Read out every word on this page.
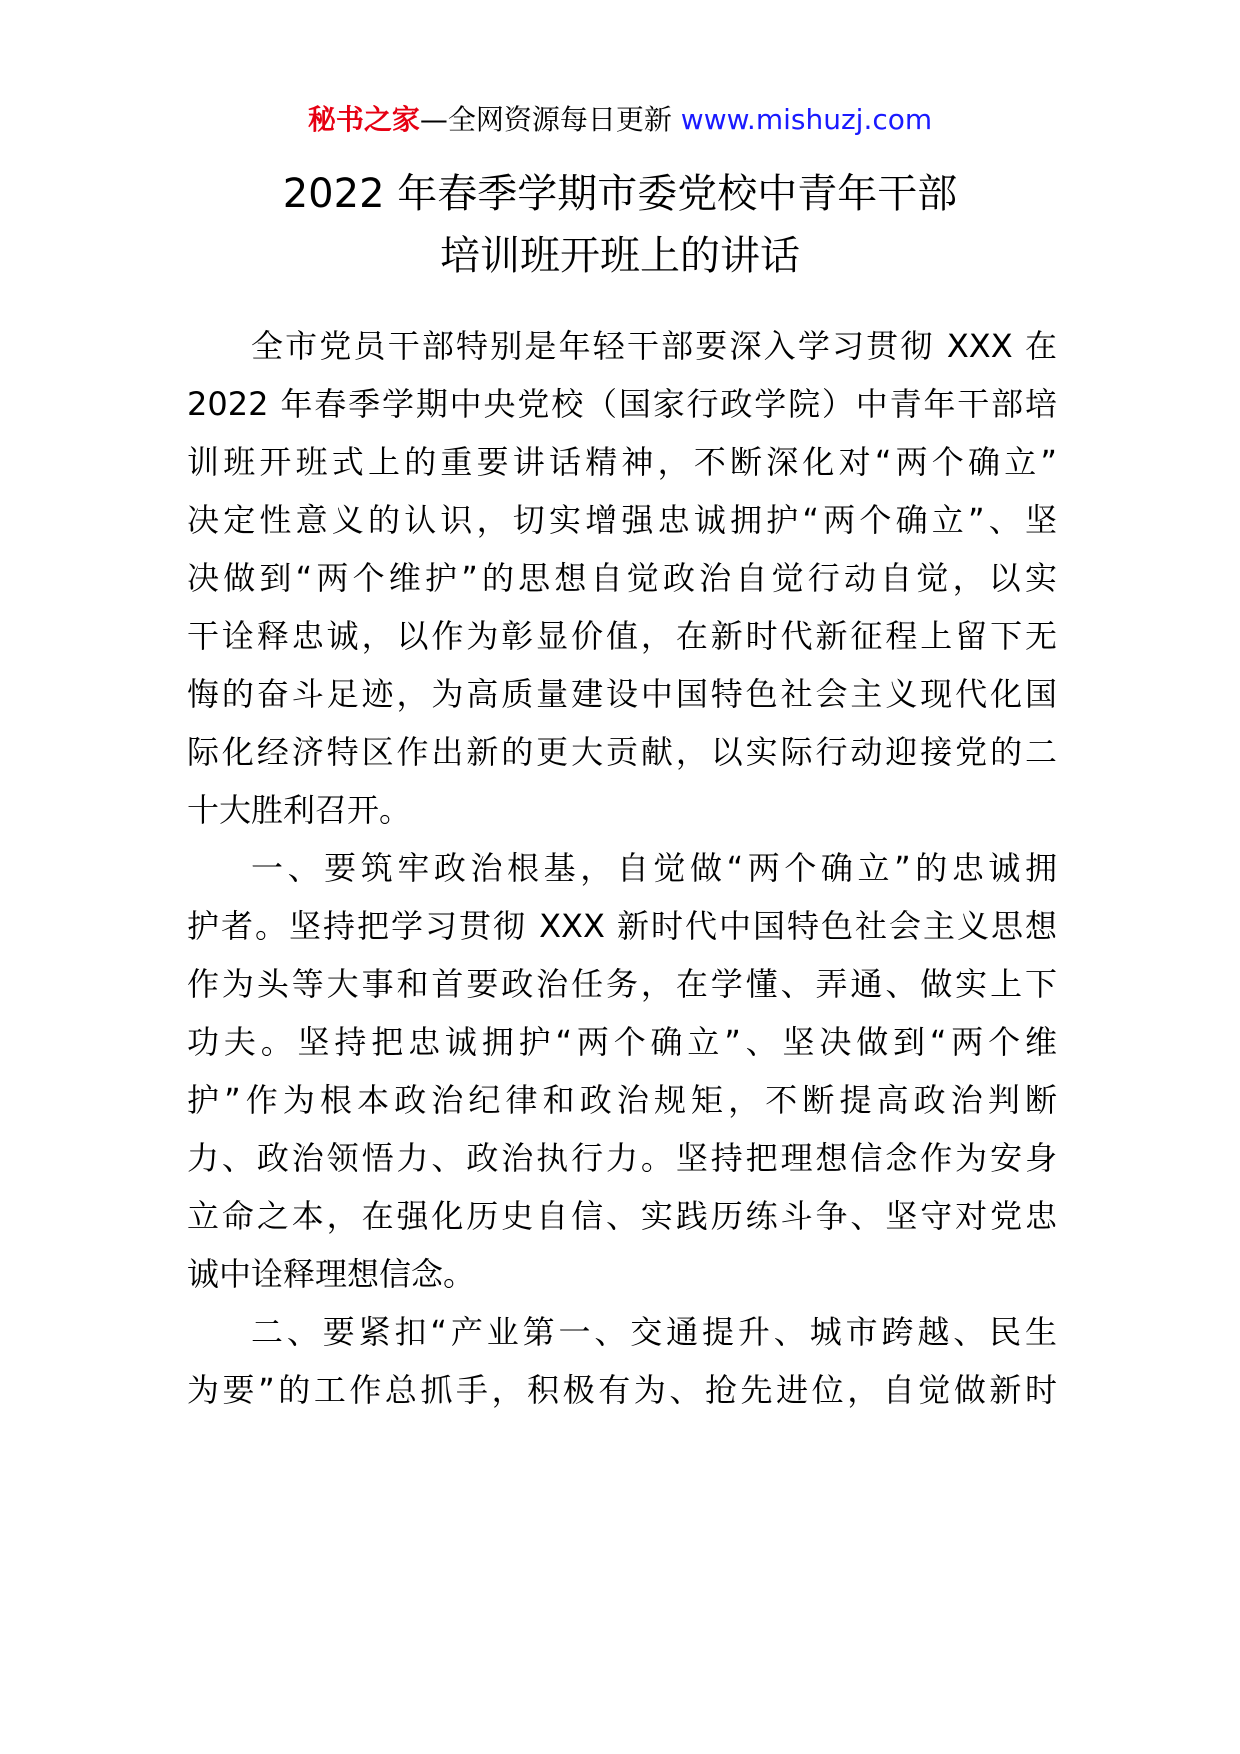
秘书之家—全网资源每日更新 www.mishuzj.com
2022 年春季学期市委党校中青年干部
培训班开班上的讲话
全市党员干部特别是年轻干部要深入学习贯彻 XXX 在
2022 年春季学期中央党校（国家行政学院）中青年干部培
训班开班式上的重要讲话精神，不断深化对“两个确立”
决定性意义的认识，切实增强忠诚拥护“两个确立”、坚
决做到“两个维护”的思想自觉政治自觉行动自觉，以实
干诠释忠诚，以作为彰显价值，在新时代新征程上留下无
悔的奋斗足迹，为高质量建设中国特色社会主义现代化国
际化经济特区作出新的更大贡献，以实际行动迎接党的二
十大胜利召开。
一、要筑牢政治根基，自觉做“两个确立”的忠诚拥
护者。坚持把学习贯彻 XXX 新时代中国特色社会主义思想
作为头等大事和首要政治任务，在学懂、弄通、做实上下
功夫。坚持把忠诚拥护“两个确立”、坚决做到“两个维
护”作为根本政治纪律和政治规矩，不断提高政治判断
力、政治领悟力、政治执行力。坚持把理想信念作为安身
立命之本，在强化历史自信、实践历练斗争、坚守对党忠
诚中诠释理想信念。
二、要紧扣“产业第一、交通提升、城市跨越、民生
为要”的工作总抓手，积极有为、抢先进位，自觉做新时
